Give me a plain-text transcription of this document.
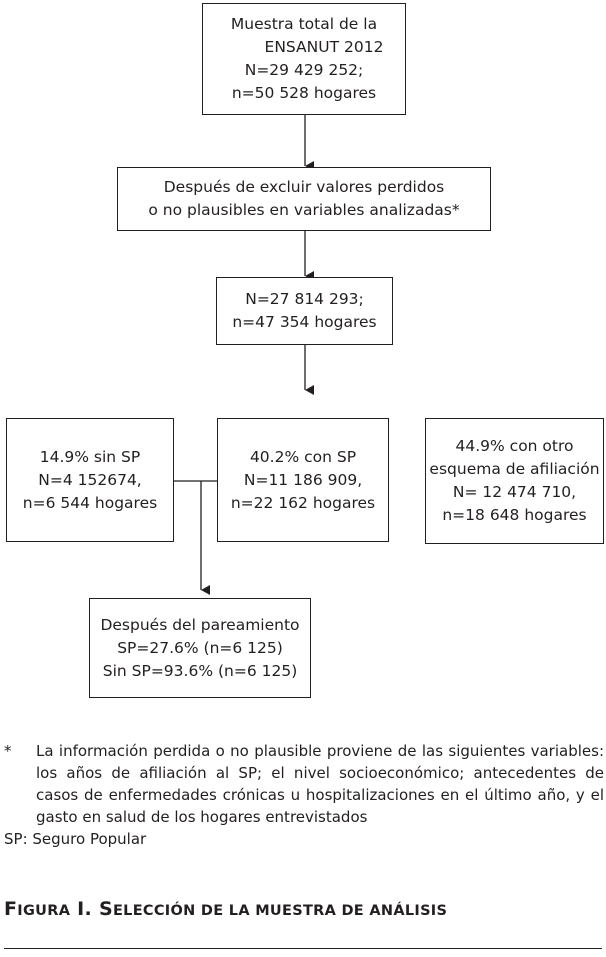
Muestra total de la
ENSANUT 2012
N=29 429 252;
n=50 528 hogares
Después de excluir valores perdidos
o no plausibles en variables analizadas*
N=27 814 293;
n=47 354 hogares
14.9% sin SP
N=4 152674,
n=6 544 hogares
40.2% con SP
N=11 186 909,
n=22 162 hogares
44.9% con otro
esquema de afiliación
N= 12 474 710,
n=18 648 hogares
Después del pareamiento
SP=27.6% (n=6 125)
Sin SP=93.6% (n=6 125)
* La información perdida o no plausible proviene de las siguientes variables: los años de afiliación al SP; el nivel socioeconómico; antecedentes de casos de enfermedades crónicas u hospitalizaciones en el último año, y el gasto en salud de los hogares entrevistados
SP: Seguro Popular
FIGURA I. SELECCIÓN DE LA MUESTRA DE ANÁLISIS
